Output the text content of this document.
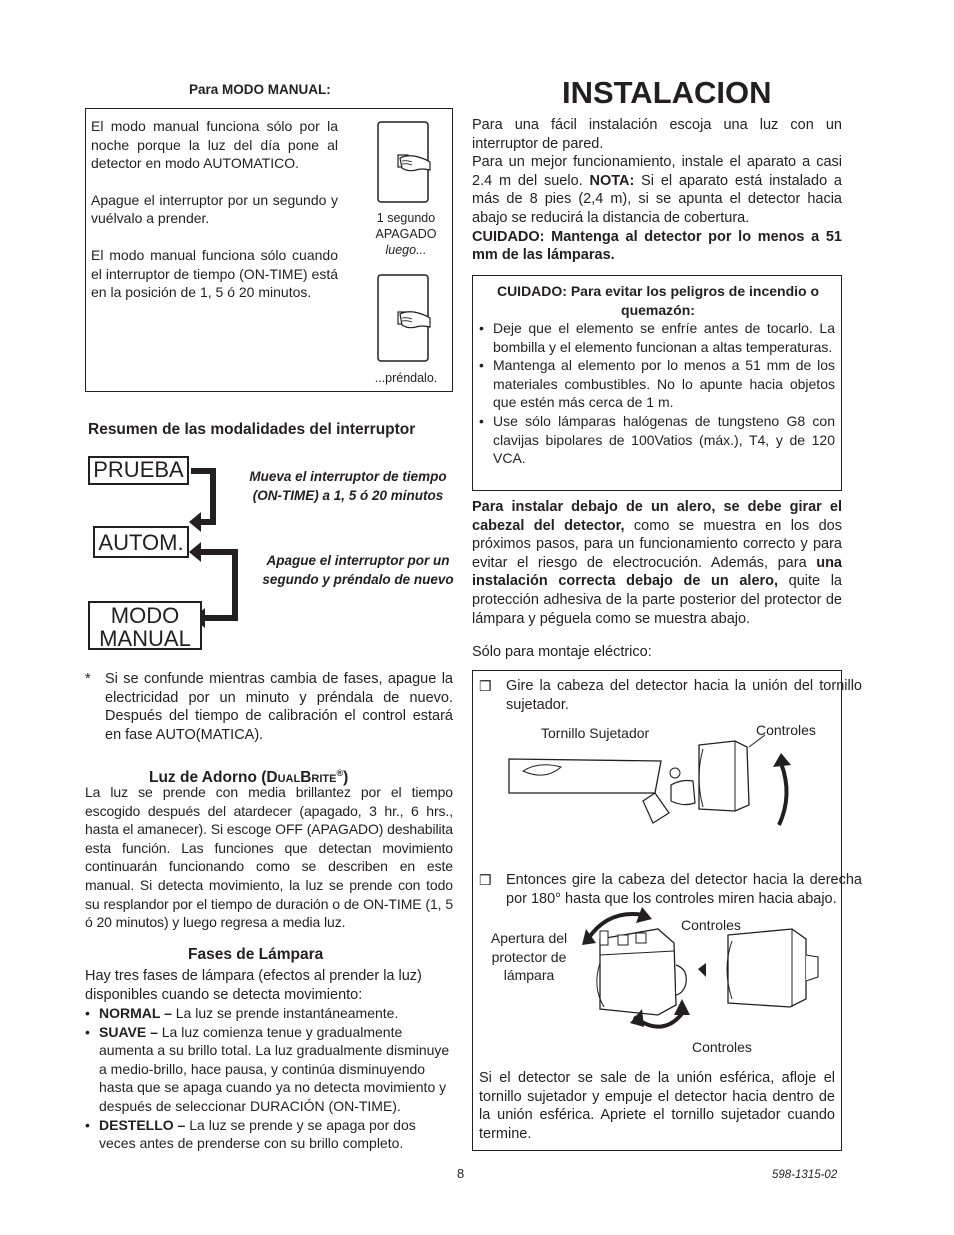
Para MODO MANUAL:

El modo manual funciona sólo por la noche porque la luz del día pone al detector en modo AUTOMATICO.

Apague el interruptor por un segundo y vuélvalo a prender.

El modo manual funciona sólo cuando el interruptor de tiempo (ON-TIME) está en la posición de 1, 5 ó 20 minutos.

1 segundo
APAGADO
luego...
...préndalo.
Resumen de las modalidades del interruptor
PRUEBA
AUTOM.
MODO
MANUAL
Mueva el interruptor de tiempo (ON-TIME) a 1, 5 ó 20 minutos
Apague el interruptor por un segundo y préndalo de nuevo
* Si se confunde mientras cambia de fases, apague la electricidad por un minuto y préndala de nuevo. Después del tiempo de calibración el control estará en fase AUTO(MATICA).
Luz de Adorno (DualBrite®)
La luz se prende con media brillantez por el tiempo escogido después del atardecer (apagado, 3 hr., 6 hrs., hasta el amanecer). Si escoge OFF (APAGADO) deshabilita esta función. Las funciones que detectan movimiento continuarán funcionando como se describen en este manual. Si detecta movimiento, la luz se prende con todo su resplandor por el tiempo de duración o de ON-TIME (1, 5 ó 20 minutos) y luego regresa a media luz.
Fases de Lámpara
Hay tres fases de lámpara (efectos al prender la luz) disponibles cuando se detecta movimiento:
• NORMAL – La luz se prende instantáneamente.
• SUAVE – La luz comienza tenue y gradualmente aumenta a su brillo total. La luz gradualmente disminuye a medio-brillo, hace pausa, y continúa disminuyendo hasta que se apaga cuando ya no detecta movimiento y después de seleccionar DURACIÓN (ON-TIME).
• DESTELLO – La luz se prende y se apaga por dos veces antes de prenderse con su brillo completo.
INSTALACION

Para una fácil instalación escoja una luz con un interruptor de pared.

Para un mejor funcionamiento, instale el aparato a casi 2.4 m del suelo. NOTA: Si el aparato está instalado a más de 8 pies (2,4 m), si se apunta el detector hacia abajo se reducirá la distancia de cobertura.

CUIDADO: Mantenga al detector por lo menos a 51 mm de las lámparas.

CUIDADO: Para evitar los peligros de incendio o quemazón:
• Deje que el elemento se enfríe antes de tocarlo. La bombilla y el elemento funcionan a altas temperaturas.
• Mantenga al elemento por lo menos a 51 mm de los materiales combustibles. No lo apunte hacia objetos que estén más cerca de 1 m.
• Use sólo lámparas halógenas de tungsteno G8 con clavijas bipolares de 100Vatios (máx.), T4, y de 120 VCA.
Para instalar debajo de un alero, se debe girar el cabezal del detector, como se muestra en los dos próximos pasos, para un funcionamiento correcto y para evitar el riesgo de electrocución. Además, para una instalación correcta debajo de un alero, quite la protección adhesiva de la parte posterior del protector de lámpara y péguela como se muestra abajo.
Sólo para montaje eléctrico:
❒ Gire la cabeza del detector hacia la unión del tornillo sujetador.
Tornillo Sujetador	Controles
❒ Entonces gire la cabeza del detector hacia la derecha por 180° hasta que los controles miren hacia abajo.
Apertura del
protector de
lámpara
Controles
Controles
Si el detector se sale de la unión esférica, afloje el tornillo sujetador y empuje el detector hacia dentro de la unión esférica. Apriete el tornillo sujetador cuando termine.
8	598-1315-02
